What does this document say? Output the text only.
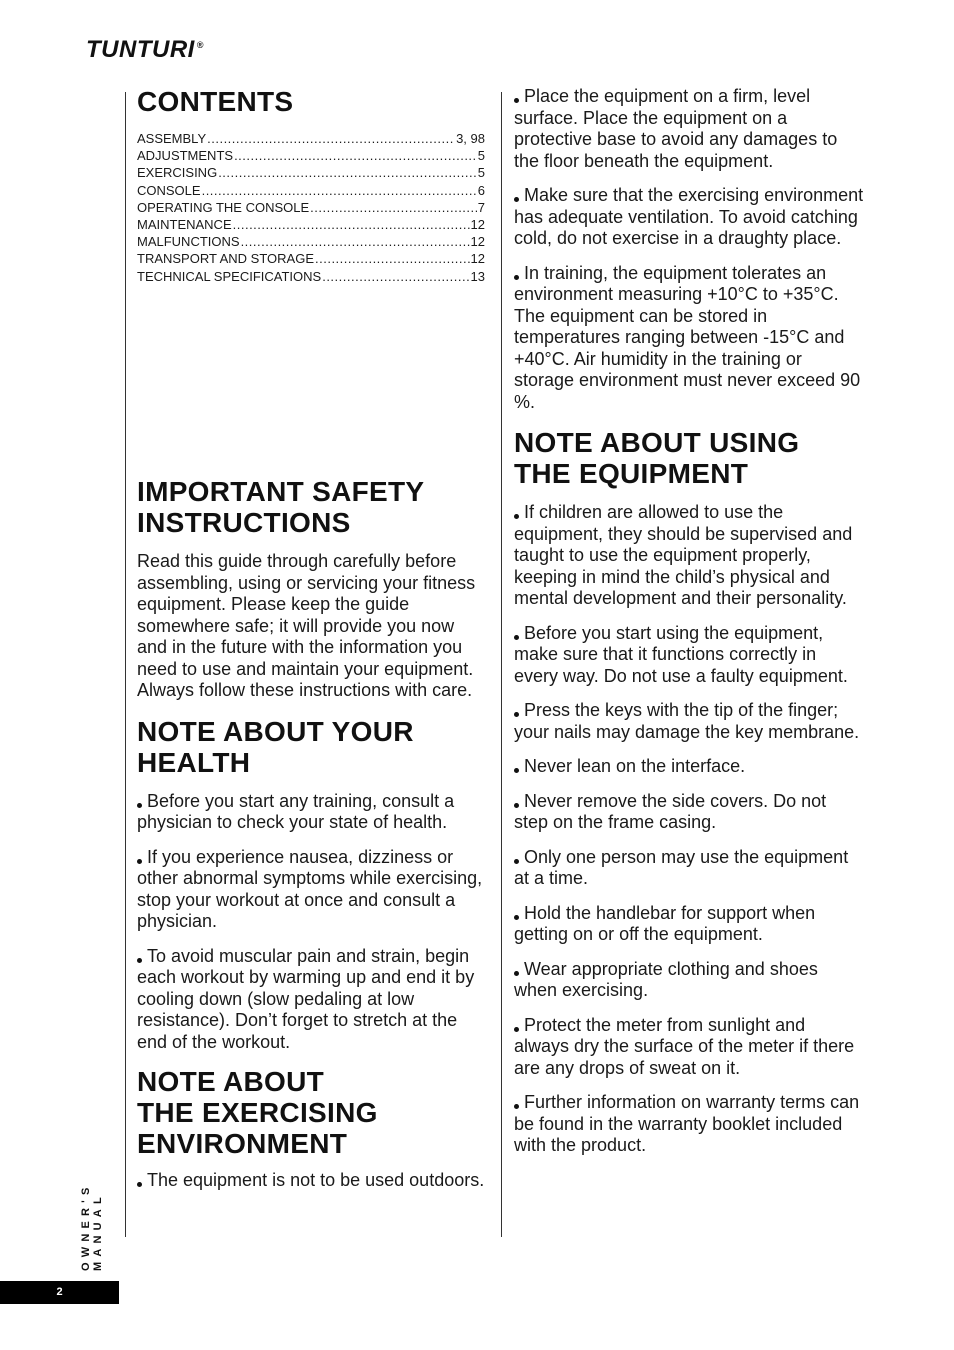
TUNTURI ®
CONTENTS
ASSEMBLY .....	3, 98
ADJUSTMENTS .....	5
EXERCISING .....	5
CONSOLE .....	6
OPERATING THE CONSOLE .....	7
MAINTENANCE .....	12
MALFUNCTIONS .....	12
TRANSPORT AND STORAGE .....	12
TECHNICAL SPECIFICATIONS .....	13
IMPORTANT SAFETY
INSTRUCTIONS

Read this guide through carefully before assembling, using or servicing your fitness equipment. Please keep the guide somewhere safe; it will provide you now and in the future with the information you need to use and maintain your equipment. Always follow these instructions with care.

NOTE ABOUT YOUR
HEALTH

Before you start any training, consult a physician to check your state of health.

If you experience nausea, dizziness or other abnormal symptoms while exercising, stop your workout at once and consult a physician.

To avoid muscular pain and strain, begin each workout by warming up and end it by cooling down (slow pedaling at low resistance). Don’t forget to stretch at the end of the workout.

NOTE ABOUT
THE EXERCISING
ENVIRONMENT

The equipment is not to be used outdoors.

Place the equipment on a firm, level surface. Place the equipment on a protective base to avoid any damages to the floor beneath the equipment.

Make sure that the exercising environment has adequate ventilation. To avoid catching cold, do not exercise in a draughty place.

In training, the equipment tolerates an environment measuring +10°C to +35°C. The equipment can be stored in temperatures ranging between -15°C and +40°C. Air humidity in the training or storage environment must never exceed 90 %.

NOTE ABOUT USING
THE EQUIPMENT

If children are allowed to use the equipment, they should be supervised and taught to use the equipment properly, keeping in mind the child’s physical and mental development and their personality.

Before you start using the equipment, make sure that it functions correctly in every way. Do not use a faulty equipment.

Press the keys with the tip of the finger; your nails may damage the key membrane.

Never lean on the interface.

Never remove the side covers. Do not step on the frame casing.

Only one person may use the equipment at a time.

Hold the handlebar for support when getting on or off the equipment.

Wear appropriate clothing and shoes when exercising.

Protect the meter from sunlight and always dry the surface of the meter if there are any drops of sweat on it.

Further information on warranty terms can be found in the warranty booklet included with the product.

OWNER'S MANUAL
2
